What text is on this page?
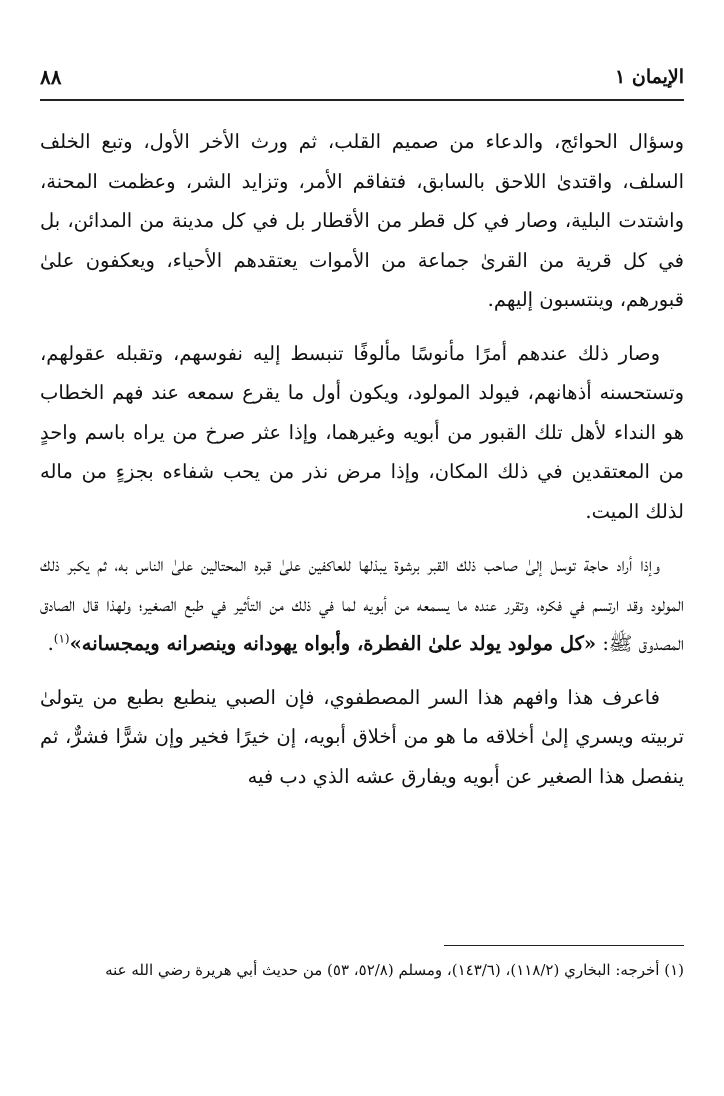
الإيمان ١
٨٨

وسؤال الحوائج، والدعاء من صميم القلب، ثم ورث الأخر الأول، وتبع الخلف السلف، واقتدىٰ اللاحق بالسابق، فتفاقم الأمر، وتزايد الشر، وعظمت المحنة، واشتدت البلية، وصار في كل قطر من الأقطار بل في كل مدينة من المدائن، بل في كل قرية من القرىٰ جماعة من الأموات يعتقدهم الأحياء، ويعكفون علىٰ قبورهم، وينتسبون إليهم.

وصار ذلك عندهم أمرًا مأنوسًا مألوفًا تنبسط إليه نفوسهم، وتقبله عقولهم، وتستحسنه أذهانهم، فيولد المولود، ويكون أول ما يقرع سمعه عند فهم الخطاب هو النداء لأهل تلك القبور من أبويه وغيرهما، وإذا عثر صرخ من يراه باسم واحدٍ من المعتقدين في ذلك المكان، وإذا مرض نذر من يحب شفاءه بجزءٍ من ماله لذلك الميت.

وإذا أراد حاجة توسل إلىٰ صاحب ذلك القبر برشوة يبذلها للعاكفين علىٰ قبره المحتالين علىٰ الناس به، ثم يكبر ذلك المولود وقد ارتسم في فكره، وتقرر عنده ما يسمعه من أبويه لما في ذلك من التأثير في طبع الصغير؛ ولهذا قال الصادق المصدوق ﷺ: «كل مولود يولد علىٰ الفطرة، وأبواه يهودانه وينصرانه ويمجسانه»$^{(١)}$.

فاعرف هذا وافهم هذا السر المصطفوي، فإن الصبي ينطبع بطبع من يتولىٰ تربيته ويسري إلىٰ أخلاقه ما هو من أخلاق أبويه، إن خيرًا فخير وإن شرًّا فشرٌّ، ثم ينفصل هذا الصغير عن أبويه ويفارق عشه الذي دب فيه

(١) أخرجه: البخاري (١١٨/٢)، (١٤٣/٦)، ومسلم (٥٢/٨، ٥٣) من حديث أبي هريرة رضي الله عنه
